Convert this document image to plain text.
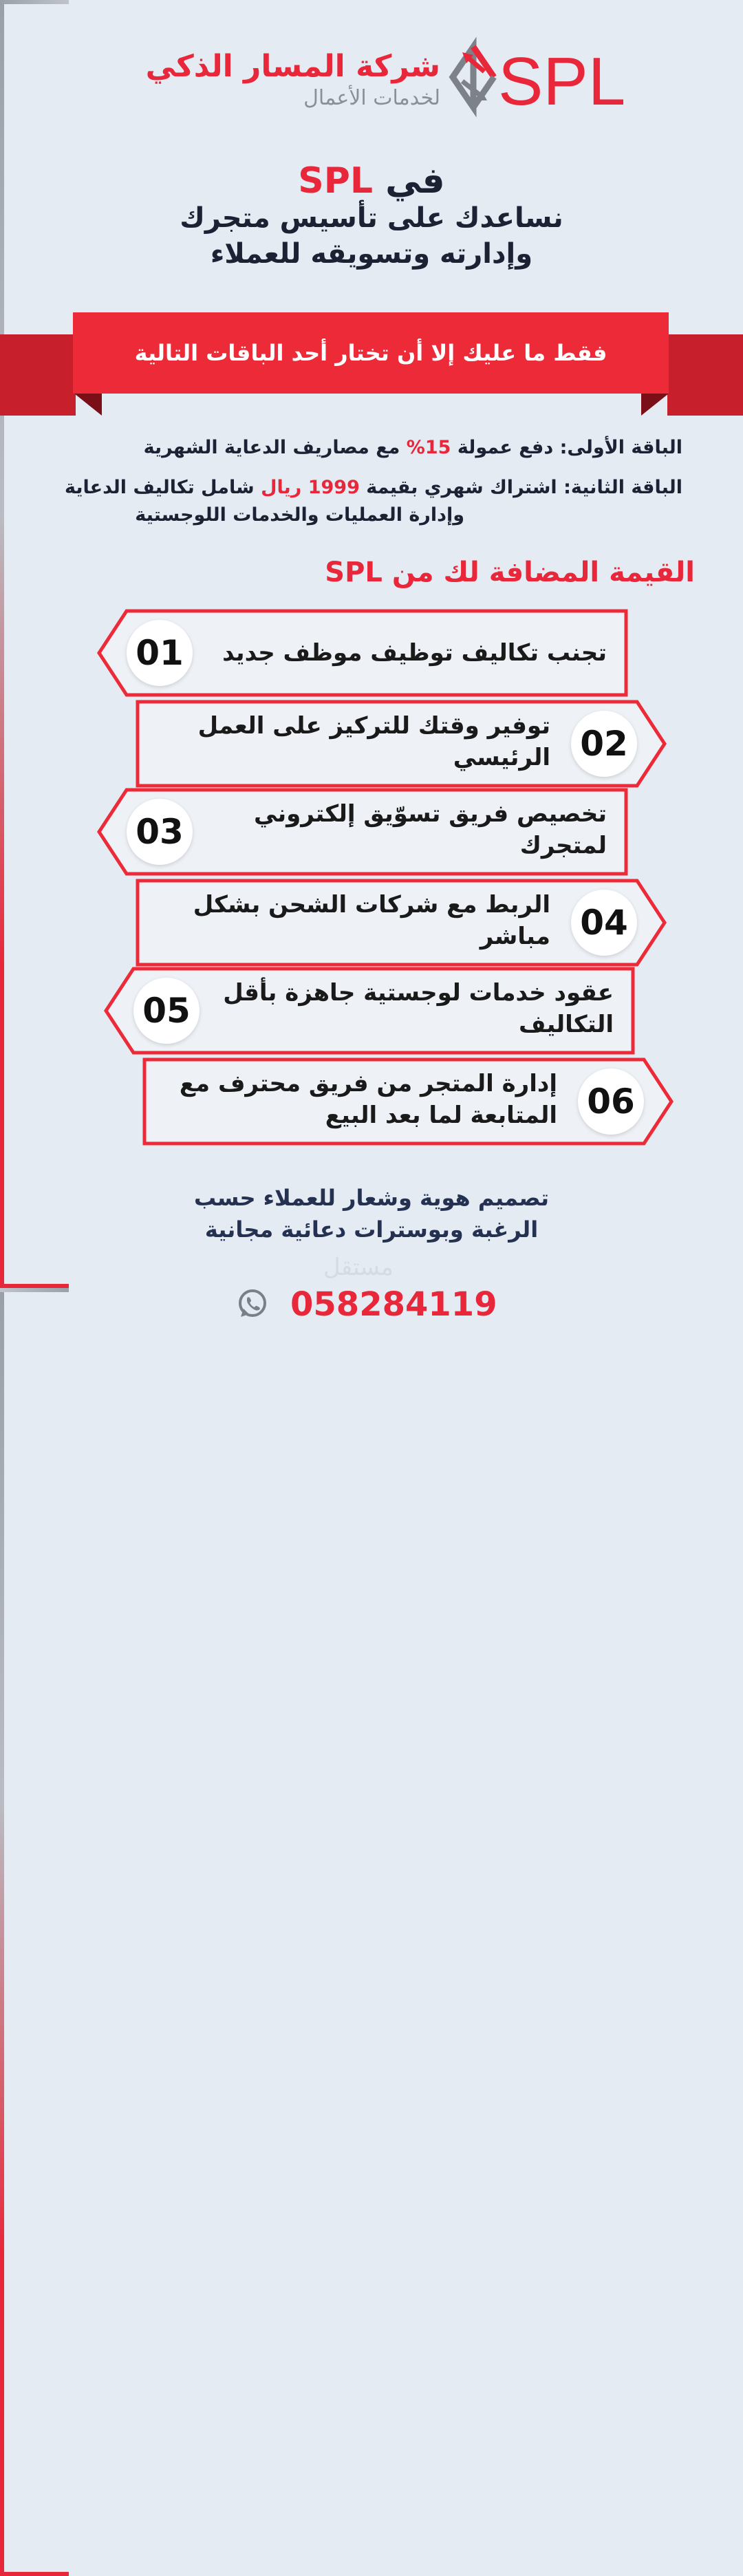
شركة المسار الذكي
لخدمات الأعمال SPL
في SPL
نساعدك على تأسيس متجرك
وإدارته وتسويقه للعملاء
فقط ما عليك إلا أن تختار أحد الباقات التالية
الباقة الأولى: دفع عمولة 15% مع مصاريف الدعاية الشهرية
الباقة الثانية: اشتراك شهري بقيمة 1999 ريال شامل تكاليف الدعاية
وإدارة العمليات والخدمات اللوجستية
القيمة المضافة لك من SPL
01	تجنب تكاليف توظيف موظف جديد
02
توفير وقتك للتركيز على العمل
الرئيسي
03	تخصيص فريق تسوّيق إلكتروني
لمتجرك
04
الربط مع شركات الشحن بشكل
مباشر
05	عقود خدمات لوجستية جاهزة بأقل
التكاليف
06
إدارة المتجر من فريق محترف مع
المتابعة لما بعد البيع
تصميم هوية وشعار للعملاء حسب
الرغبة وبوسترات دعائية مجانية
مستقل
058284119
